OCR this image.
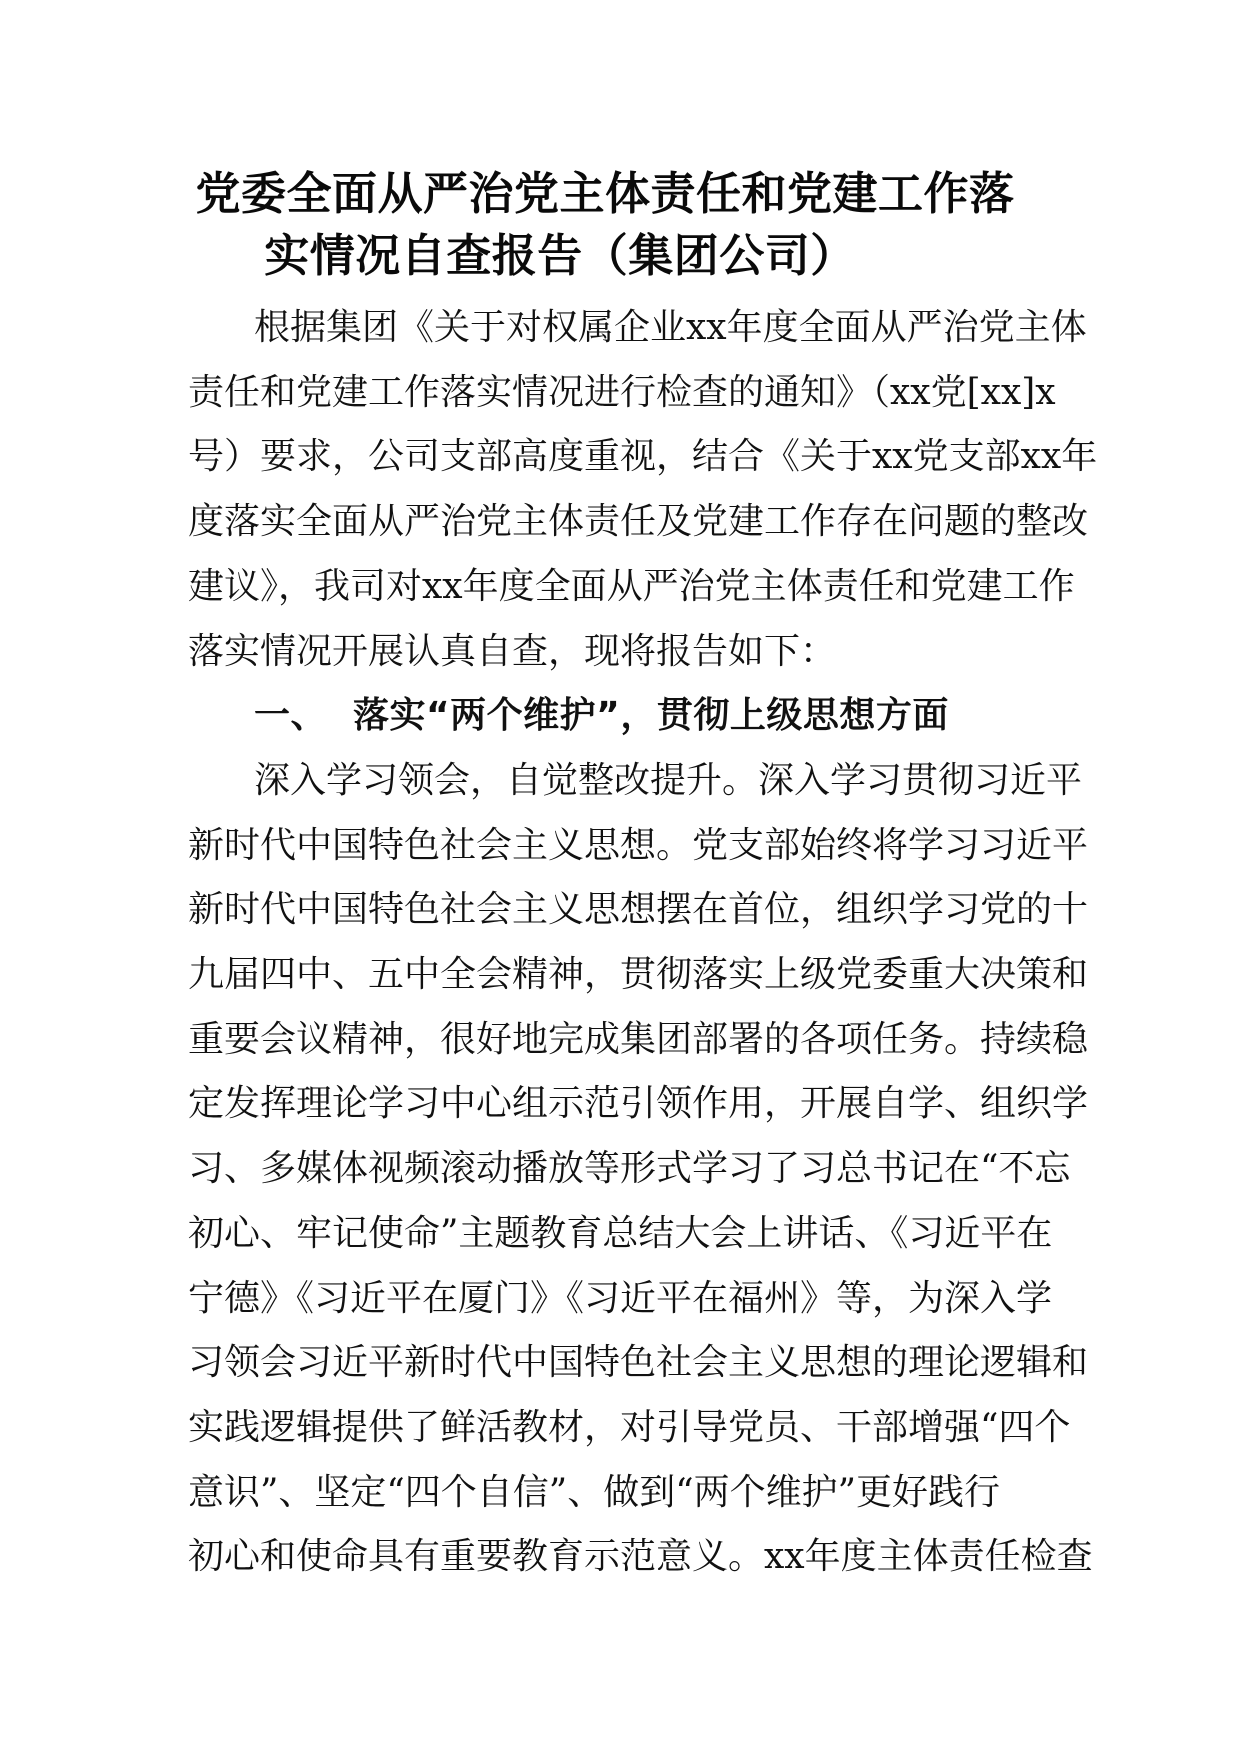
党委全面从严治党主体责任和党建工作落
实情况自查报告（集团公司）

根据集团《关于对权属企业xx年度全面从严治党主体

责任和党建工作落实情况进行检查的通知》（xx党[xx]x

号）要求，公司支部高度重视，结合《关于xx党支部xx年

度落实全面从严治党主体责任及党建工作存在问题的整改

建议》，我司对xx年度全面从严治党主体责任和党建工作

落实情况开展认真自查，现将报告如下：

一、 落实“两个维护”，贯彻上级思想方面

深入学习领会，自觉整改提升。深入学习贯彻习近平

新时代中国特色社会主义思想。党支部始终将学习习近平

新时代中国特色社会主义思想摆在首位，组织学习党的十

九届四中、五中全会精神，贯彻落实上级党委重大决策和

重要会议精神，很好地完成集团部署的各项任务。持续稳

定发挥理论学习中心组示范引领作用，开展自学、组织学

习、多媒体视频滚动播放等形式学习了习总书记在“不忘

初心、牢记使命”主题教育总结大会上讲话、《习近平在

宁德》《习近平在厦门》《习近平在福州》等，为深入学

习领会习近平新时代中国特色社会主义思想的理论逻辑和

实践逻辑提供了鲜活教材，对引导党员、干部增强“四个

意识”、坚定“四个自信”、做到“两个维护”更好践行

初心和使命具有重要教育示范意义。xx年度主体责任检查
